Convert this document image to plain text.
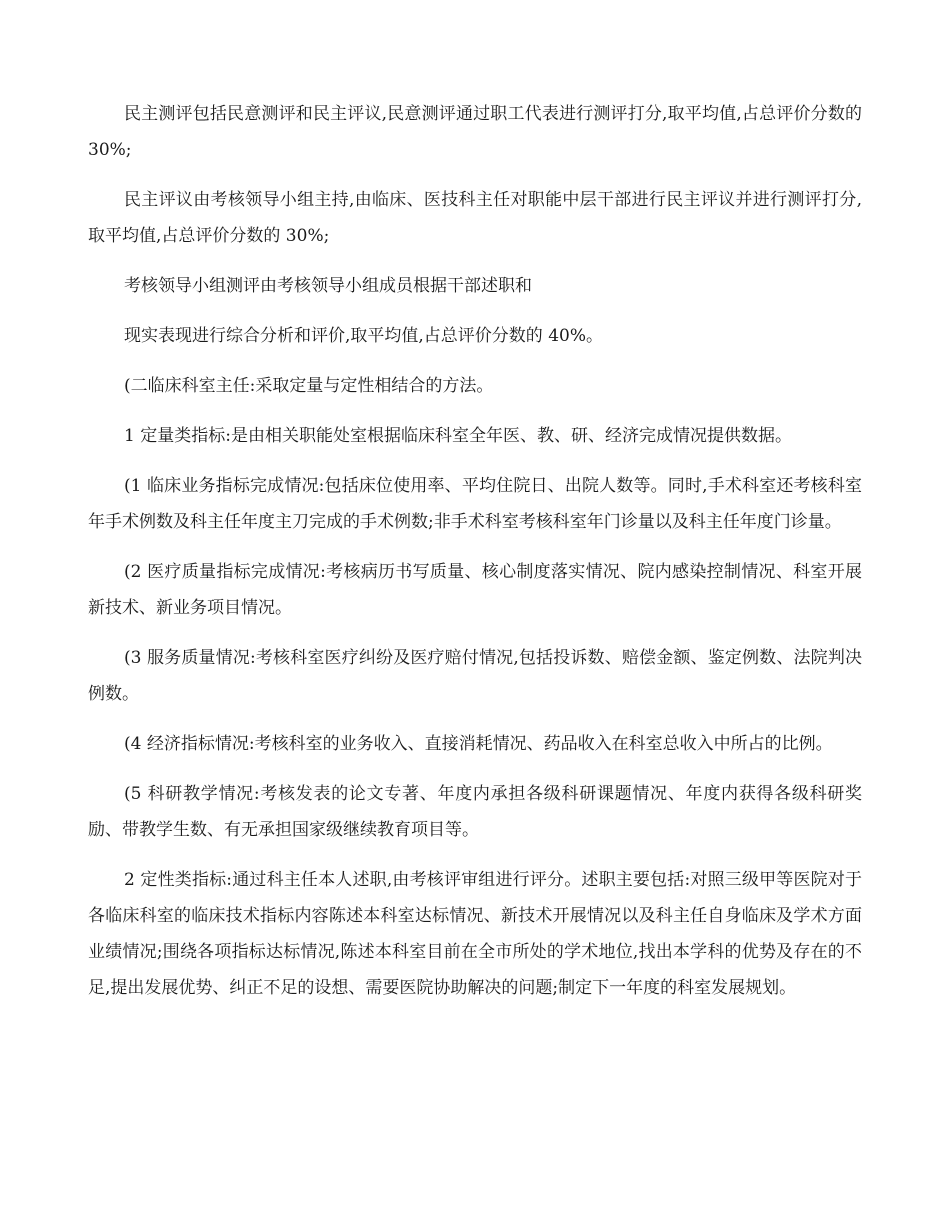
民主测评包括民意测评和民主评议,民意测评通过职工代表进行测评打分,取平均值,占总评价分数的 30%;

民主评议由考核领导小组主持,由临床、医技科主任对职能中层干部进行民主评议并进行测评打分,取平均值,占总评价分数的 30%;

考核领导小组测评由考核领导小组成员根据干部述职和

现实表现进行综合分析和评价,取平均值,占总评价分数的 40%。

(二临床科室主任:采取定量与定性相结合的方法。

1 定量类指标:是由相关职能处室根据临床科室全年医、教、研、经济完成情况提供数据。

(1 临床业务指标完成情况:包括床位使用率、平均住院日、出院人数等。同时,手术科室还考核科室年手术例数及科主任年度主刀完成的手术例数;非手术科室考核科室年门诊量以及科主任年度门诊量。

(2 医疗质量指标完成情况:考核病历书写质量、核心制度落实情况、院内感染控制情况、科室开展新技术、新业务项目情况。

(3 服务质量情况:考核科室医疗纠纷及医疗赔付情况,包括投诉数、赔偿金额、鉴定例数、法院判决例数。

(4 经济指标情况:考核科室的业务收入、直接消耗情况、药品收入在科室总收入中所占的比例。

(5 科研教学情况:考核发表的论文专著、年度内承担各级科研课题情况、年度内获得各级科研奖励、带教学生数、有无承担国家级继续教育项目等。

2 定性类指标:通过科主任本人述职,由考核评审组进行评分。述职主要包括:对照三级甲等医院对于各临床科室的临床技术指标内容陈述本科室达标情况、新技术开展情况以及科主任自身临床及学术方面业绩情况;围绕各项指标达标情况,陈述本科室目前在全市所处的学术地位,找出本学科的优势及存在的不足,提出发展优势、纠正不足的设想、需要医院协助解决的问题;制定下一年度的科室发展规划。
